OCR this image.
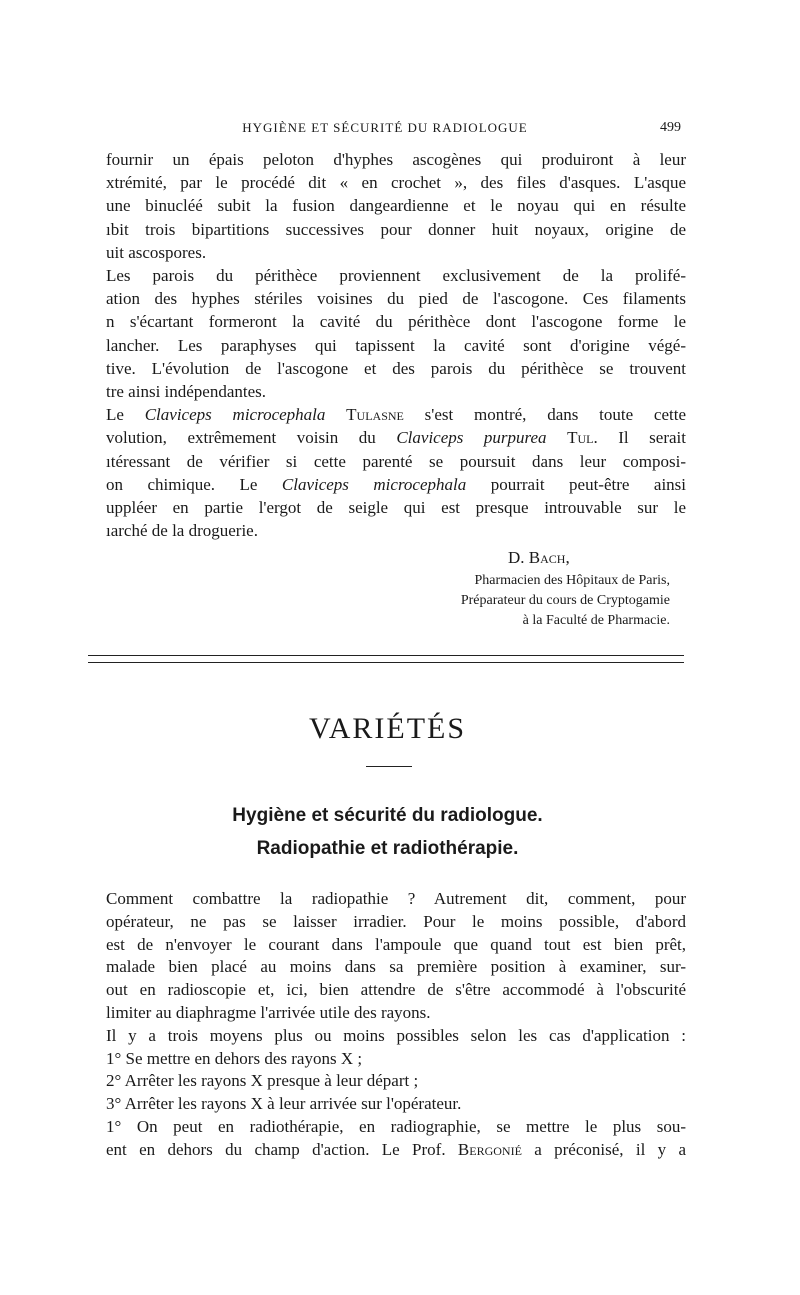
HYGIÈNE ET SÉCURITÉ DU RADIOLOGUE	499
fournir un épais peloton d'hyphes ascogènes qui produiront à leur
xtrémité, par le procédé dit « en crochet », des files d'asques. L'asque
une binucléé subit la fusion dangeardienne et le noyau qui en résulte
ıbit trois bipartitions successives pour donner huit noyaux, origine de
uit ascospores.
Les parois du périthèce proviennent exclusivement de la prolifé-
ation des hyphes stériles voisines du pied de l'ascogone. Ces filaments
n s'écartant formeront la cavité du périthèce dont l'ascogone forme le
lancher. Les paraphyses qui tapissent la cavité sont d'origine végé-
tive. L'évolution de l'ascogone et des parois du périthèce se trouvent
tre ainsi indépendantes.
Le Claviceps microcephala Tulasne s'est montré, dans toute cette
volution, extrêmement voisin du Claviceps purpurea Tul. Il serait
ıtéressant de vérifier si cette parenté se poursuit dans leur composi-
on chimique. Le Claviceps microcephala pourrait peut-être ainsi
uppléer en partie l'ergot de seigle qui est presque introuvable sur le
ıarché de la droguerie.
D. Bach,
Pharmacien des Hôpitaux de Paris,
Préparateur du cours de Cryptogamie
à la Faculté de Pharmacie.
VARIÉTÉS
Hygiène et sécurité du radiologue.
Radiopathie et radiothérapie.
Comment combattre la radiopathie ? Autrement dit, comment, pour
opérateur, ne pas se laisser irradier. Pour le moins possible, d'abord
est de n'envoyer le courant dans l'ampoule que quand tout est bien prêt,
malade bien placé au moins dans sa première position à examiner, sur-
out en radioscopie et, ici, bien attendre de s'être accommodé à l'obscurité
limiter au diaphragme l'arrivée utile des rayons.
Il y a trois moyens plus ou moins possibles selon les cas d'application :
1° Se mettre en dehors des rayons X ;
2° Arrêter les rayons X presque à leur départ ;
3° Arrêter les rayons X à leur arrivée sur l'opérateur.
1° On peut en radiothérapie, en radiographie, se mettre le plus sou-
ent en dehors du champ d'action. Le Prof. Bergonié a préconisé, il y a
